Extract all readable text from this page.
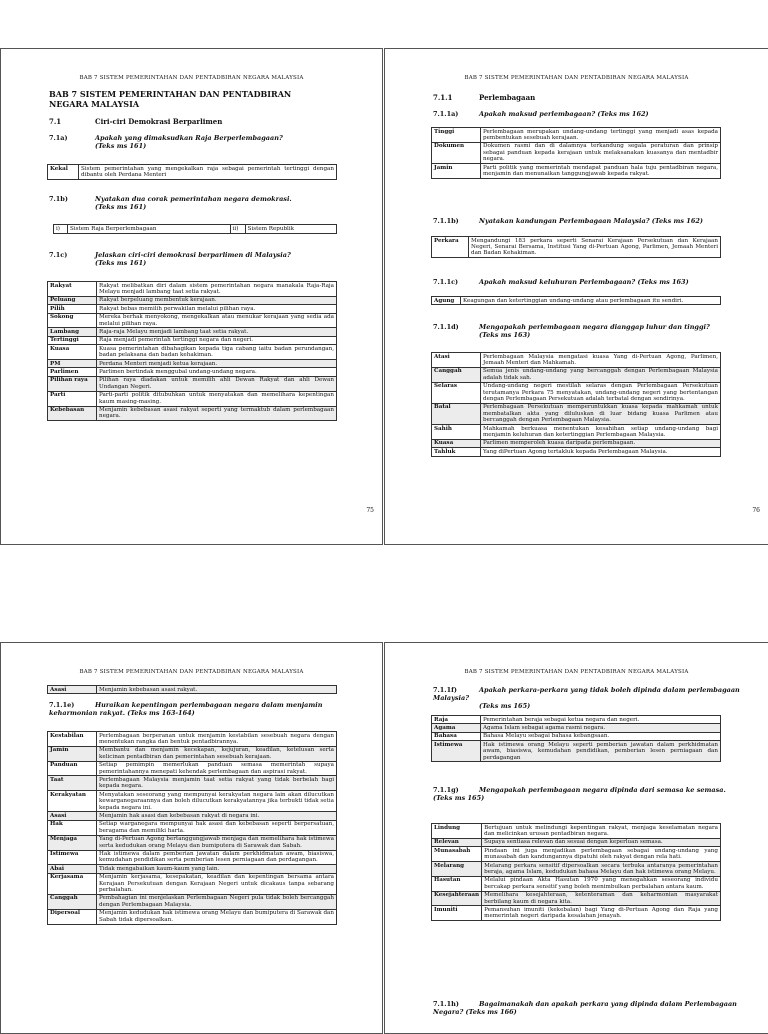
BAB 7 SISTEM PEMERINTAHAN DAN PENTADBIRAN NEGARA MALAYSIA
BAB 7 SISTEM PEMERINTAHAN DAN PENTADBIRAN NEGARA MALAYSIA
7.1	Ciri-ciri Demokrasi Berparlimen
7.1a)	Apakah yang dimaksudkan Raja Berperlembagaan?
(Teks ms 161)
Kekal	Sistem pemerintahan yang mengekalkan raja sebagai pemerintah tertinggi dengan dibantu oleh Perdana Menteri
7.1b)	Nyatakan dua corak pemerintahan negara demokrasi.
(Teks ms 161)
i)	Sistem Raja Berperlembagaan	ii)	Sistem Republik
7.1c)	Jelaskan ciri-ciri demokrasi berparlimen di Malaysia?
(Teks ms 161)
Rakyat	Rakyat melibatkan diri dalam sistem pemerintahan negara manakala Raja-Raja Melayu menjadi lambang taat setia rakyat.
Peluang	Rakyat berpeluang membentuk kerajaan.
Pilih	Rakyat bebas memilih perwakilan melalui pilihan raya.
Sokong	Mereka berhak menyokong, mengekalkan atau menukar kerajaan yang sedia ada melalui pilihan raya.
Lambang	Raja-raja Melayu menjadi lambang taat setia rakyat.
Tertinggi	Raja menjadi pemerintah tertinggi negara dan negeri.
Kuasa	Kuasa pemerintahan dibahagikan kepada tiga cabang iaitu badan perundangan, badan pelaksana dan badan kehakiman.
PM	Perdana Menteri menjadi ketua kerajaan.
Parlimen	Parlimen bertindak menggubal undang-undang negara.
Pilihan raya	Pilihan raya diadakan untuk memilih ahli Dewan Rakyat dan ahli Dewan Undangan Negeri.
Parti	Parti-parti politik ditubuhkan untuk menyatakan dan memelihara kepentingan kaum masing-masing.
Kebebasan	Menjamin kebebasan asasi rakyat seperti yang termaktub dalam perlembagaan negara.
75
BAB 7 SISTEM PEMERINTAHAN DAN PENTADBIRAN NEGARA MALAYSIA
7.1.1	Perlembagaan
7.1.1a)	Apakah maksud perlembagaan? (Teks ms 162)
Tinggi	Perlembagaan merupakan undang-undang tertinggi yang menjadi asas kepada pembentukan sesebuah kerajaan.
Dokumen	Dokumen rasmi dan di dalamnya terkandung segala peraturan dan prinsip sebagai panduan kepada kerajaan untuk melaksanakan kuasanya dan mentadbir negara.
Jamin	Parti politik yang memerintah mendapat panduan hala tuju pentadbiran negara, menjamin dan menunaikan tanggungjawab kepada rakyat.
7.1.1b)	Nyatakan kandungan Perlembagaan Malaysia? (Teks ms 162)
Perkara	Mengandungi 183 perkara seperti Senarai Kerajaan Persekutuan dan Kerajaan Negeri, Senarai Bersama, Institusi Yang di-Pertuan Agong, Parlimen, Jemaah Menteri dan Badan Kehakiman.
7.1.1c)	Apakah maksud keluhuran Perlembagaan? (Teks ms 163)
Agung	Keagungan dan ketertinggian undang-undang atau perlembagaan itu sendiri.
7.1.1d)	Mengapakah perlembagaan negara dianggap luhur dan tinggi?
(Teks ms 163)
Atasi	Perlembagaan Malaysia mengatasi kuasa Yang di-Pertuan Agong, Parlimen, Jemaah Menteri dan Mahkamah.
Canggah	Semua jenis undang-undang yang bercanggah dengan Perlembagaan Malaysia adalah tidak sah.
Selaras	Undang-undang negeri mestilah selaras dengan Perlembagaan Persekutuan terutamanya Perkara 75 menyatakan, undang-undang negeri yang bertentangan dengan Perlembagaan Persekutuan adalah terbatal dengan sendirinya.
Batal	Perlembagaan Persekutuan memperuntukkan kuasa kepada mahkamah untuk membatalkan akta yang diluluskan di luar bidang kuasa Parlimen atau bercanggah dengan Perlembagaan Malaysia.
Sahih	Mahkamah berkuasa menentukan kesahihan setiap undang-undang bagi menjamin keluhuran dan ketertinggian Perlembagaan Malaysia.
Kuasa	Parlimen memperoleh kuasa daripada perlembagaan.
Tahluk	Yang diPertuan Agong tertakluk kepada Perlembagaan Malaysia.
76
BAB 7 SISTEM PEMERINTAHAN DAN PENTADBIRAN NEGARA MALAYSIA
Asasi	Menjamin kebebasan asasi rakyat.
7.1.1e)	Huraikan kepentingan perlembagaan negara dalam menjamin keharmonian rakyat. (Teks ms 163-164)
Kestabilan	Perlembagaan berperanan untuk menjamin kestabilan sesebuah negara dengan menentukan rangka dan bentuk pentadbirannya.
Jamin	Membantu dan menjamin kecekapan, kejujuran, keadilan, ketelusan serta kelicinan pentadbiran dan pemerintahan sesebuah kerajaan.
Panduan	Setiap pemimpin memerlukan panduan semasa memerintah supaya pemerintahannya menepati kehendak perlembagaan dan aspirasi rakyat.
Taat	Perlembagaan Malaysia menjamin taat setia rakyat yang tidak berbelah bagi kepada negara.
Kerakyatan	Menyatakan seseorang yang mempunyai kerakyatan negara lain akan dilucutkan kewarganegaraannya dan boleh dilucutkan kerakyatannya jika terbukti tidak setia kepada negara ini.
Asasi	Menjamin hak asasi dan kebebasan rakyat di negara ini.
Hak	Setiap warganegara mempunyai hak asasi dan kebebasan seperti berpersatuan, beragama dan memiliki harta.
Menjaga	Yang di-Pertuan Agong bertanggungjawab menjaga dan memelihara hak istimewa serta kedudukan orang Melayu dan bumiputera di Sarawak dan Sabah.
Istimewa	Hak istimewa dalam pemberian jawatan dalam perkhidmatan awam, biasiswa, kemudahan pendidikan serta pemberian lesen perniagaan dan perdagangan.
Abai	Tidak mengabaikan kaum-kaum yang lain.
Kerjasama	Menjamin kerjasama, kesepakatan, keadilan dan kepentingan bersama antara Kerajaan Persekutuan dengan Kerajaan Negeri untuk dicakaus tanpa sebarang perbalahan.
Canggah	Pembahagian ini menjelaskan Perlembagaan Negeri pula tidak boleh bercanggah dengan Perlembagaan Malaysia.
Dipersoal	Menjamin kedudukan hak istimewa orang Melayu dan bumiputera di Sarawak dan Sabah tidak dipersoalkan.
BAB 7 SISTEM PEMERINTAHAN DAN PENTADBIRAN NEGARA MALAYSIA
7.1.1f)	Apakah perkara-perkara yang tidak boleh dipinda dalam perlembagaan Malaysia?
(Teks ms 165)
Raja	Pemerintahan beraja sebagai ketua negara dan negeri.
Agama	Agama Islam sebagai agama rasmi negara.
Bahasa	Bahasa Melayu sebagai bahasa kebangsaan.
Istimewa	Hak istimewa orang Melayu seperti pemberian jawatan dalam perkhidmatan awam, biasiswa, kemudahan pendidikan, pemberian lesen perniagaan dan perdagangan
7.1.1g)	Mengapakah perlembagaan negara dipinda dari semasa ke semasa. (Teks ms 165)
Lindung	Bertujuan untuk melindungi kepentingan rakyat, menjaga keselamatan negara dan melicinkan urusan pentadbiran negara.
Relevan	Supaya sentiasa relevan dan sesuai dengan keperluan semasa.
Munasabah	Pindaan ini juga menjadikan perlembagaan sebagai undang-undang yang munasabah dan kandungannya dipatuhi oleh rakyat dengan rela hati.
Melarang	Melarang perkara sensitif dipersoalkan secara terbuka antaranya pemerintahan beraja, agama Islam, kedudukan bahasa Melayu dan hak istimewa orang Melayu.
Hasutan	Melalui pindaan Akta Hasutan 1970 yang menegahkan seseorang individu bercakap perkara sensitif yang boleh menimbulkan perbalahan antara kaum.
Kesejahteraan	Memelihara kesejahteraan, ketenteraman dan keharmonian masyarakat berbilang kaum di negara kita.
Imuniti	Pemansuhan imuniti (kekebalan) bagi Yang di-Pertuan Agong dan Raja yang memerintah negeri daripada kesalahan jenayah.
7.1.1h)	Bagaimanakah dan apakah perkara yang dipinda dalam Perlembagaan Negara? (Teks ms 166)
